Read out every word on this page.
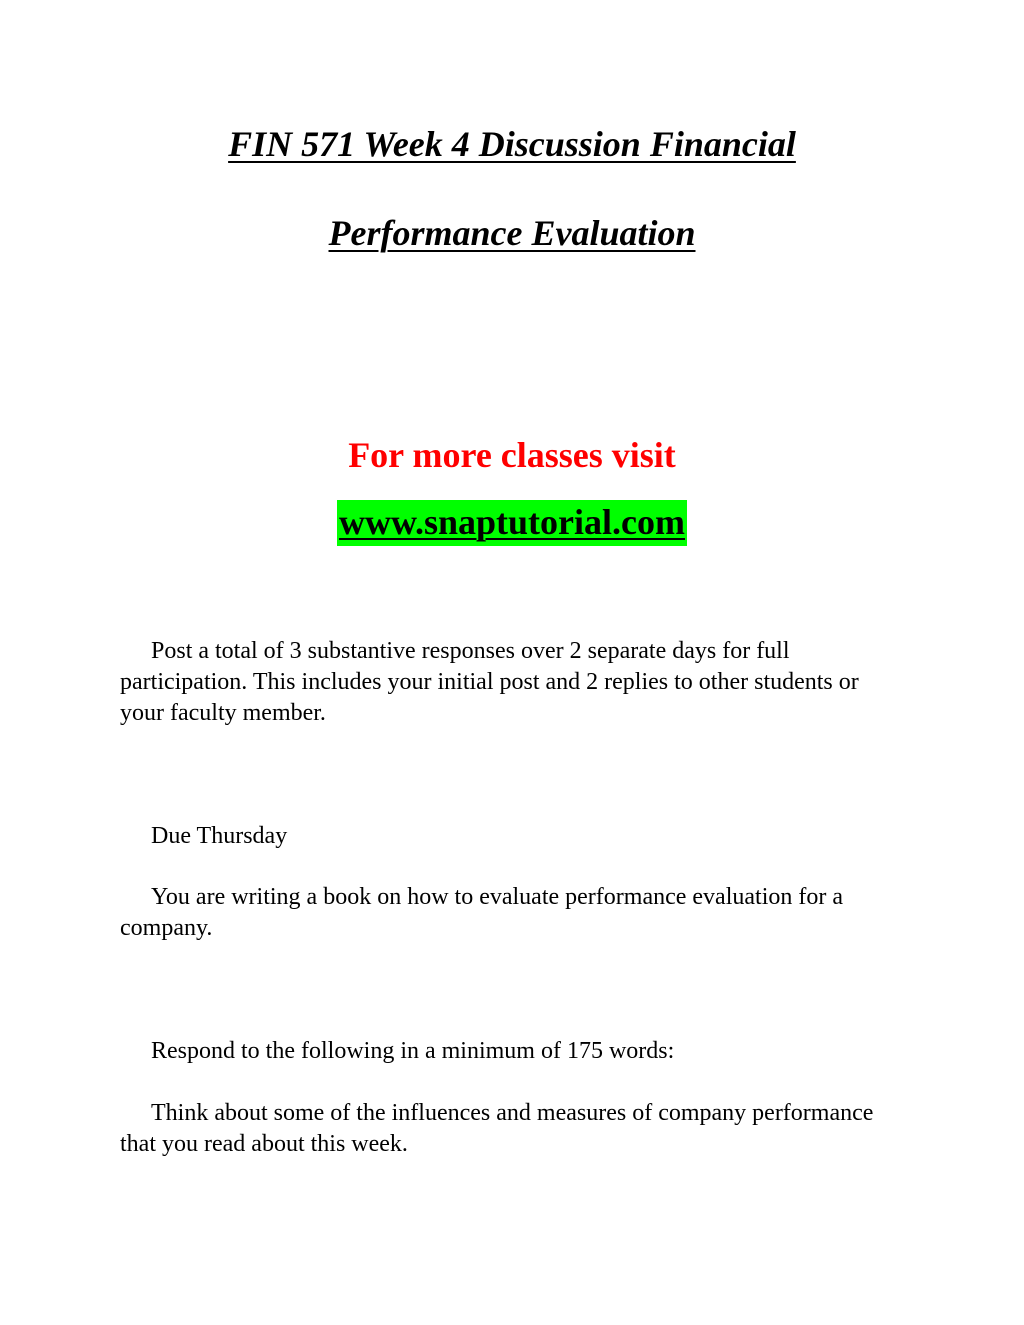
FIN 571 Week 4 Discussion Financial
Performance Evaluation
For more classes visit
www.snaptutorial.com

Post a total of 3 substantive responses over 2 separate days for full participation. This includes your initial post and 2 replies to other students or your faculty member.

Due Thursday

You are writing a book on how to evaluate performance evaluation for a company.

Respond to the following in a minimum of 175 words:

Think about some of the influences and measures of company performance that you read about this week.
